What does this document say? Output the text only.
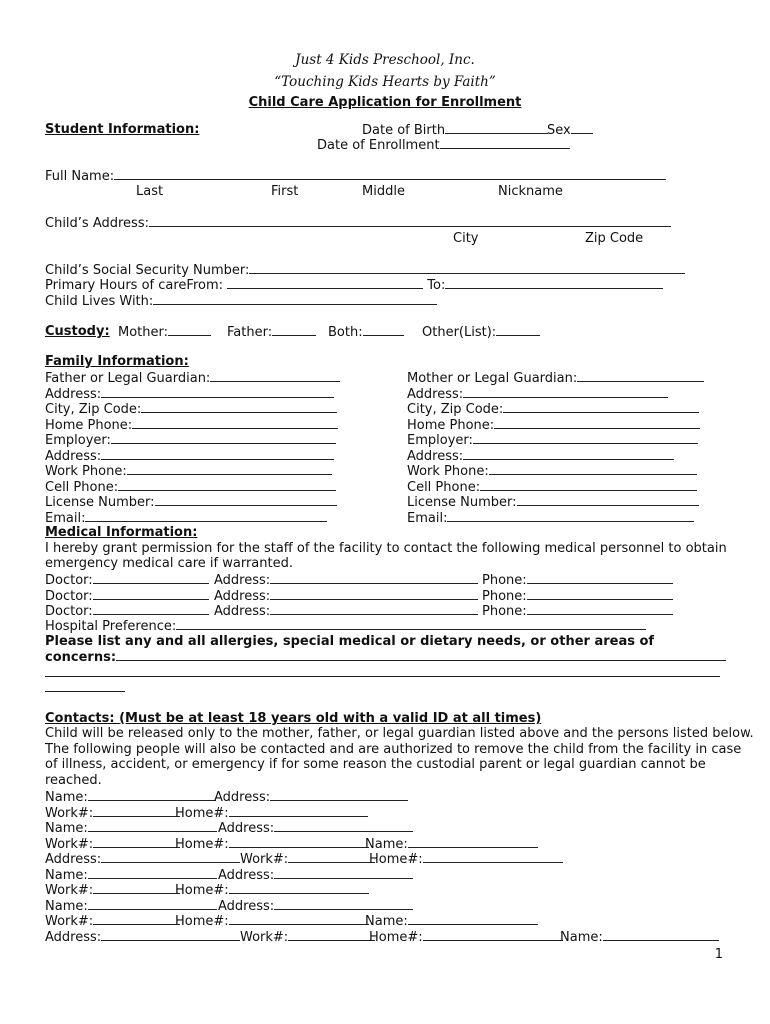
Just 4 Kids Preschool, Inc.
“Touching Kids Hearts by Faith”
Child Care Application for Enrollment
Student Information:	Date of Birth	Sex
Date of Enrollment
Full Name:
Last	First	Middle	Nickname
Child’s Address:
City	Zip Code
Child’s Social Security Number:
Primary Hours of careFrom:	To:
Child Lives With:
Custody: Mother:	Father:	Both:	Other(List):
Family Information:
Father or Legal Guardian:	Mother or Legal Guardian:
Address:	Address:
City, Zip Code:	City, Zip Code:
Home Phone:	Home Phone:
Employer:	Employer:
Address:	Address:
Work Phone:	Work Phone:
Cell Phone:	Cell Phone:
License Number:	License Number:
Email:	Email:
Medical Information:
I hereby grant permission for the staff of the facility to contact the following medical personnel to obtain
emergency medical care if warranted.
Doctor:	Address:	Phone:
Doctor:	Address:	Phone:
Doctor:	Address:	Phone:
Hospital Preference:
Please list any and all allergies, special medical or dietary needs, or other areas of
concerns:
Contacts: (Must be at least 18 years old with a valid ID at all times)
Child will be released only to the mother, father, or legal guardian listed above and the persons listed below.
The following people will also be contacted and are authorized to remove the child from the facility in case
of illness, accident, or emergency if for some reason the custodial parent or legal guardian cannot be
reached.
Name:	Address:
Work#:	Home#:
Name:	Address:
Work#:	Home#:	Name:
Address:	Work#:	Home#:
Name:	Address:
Work#:	Home#:
Name:	Address:
Work#:	Home#:	Name:
Address:	Work#:	Home#:	Name:
1
